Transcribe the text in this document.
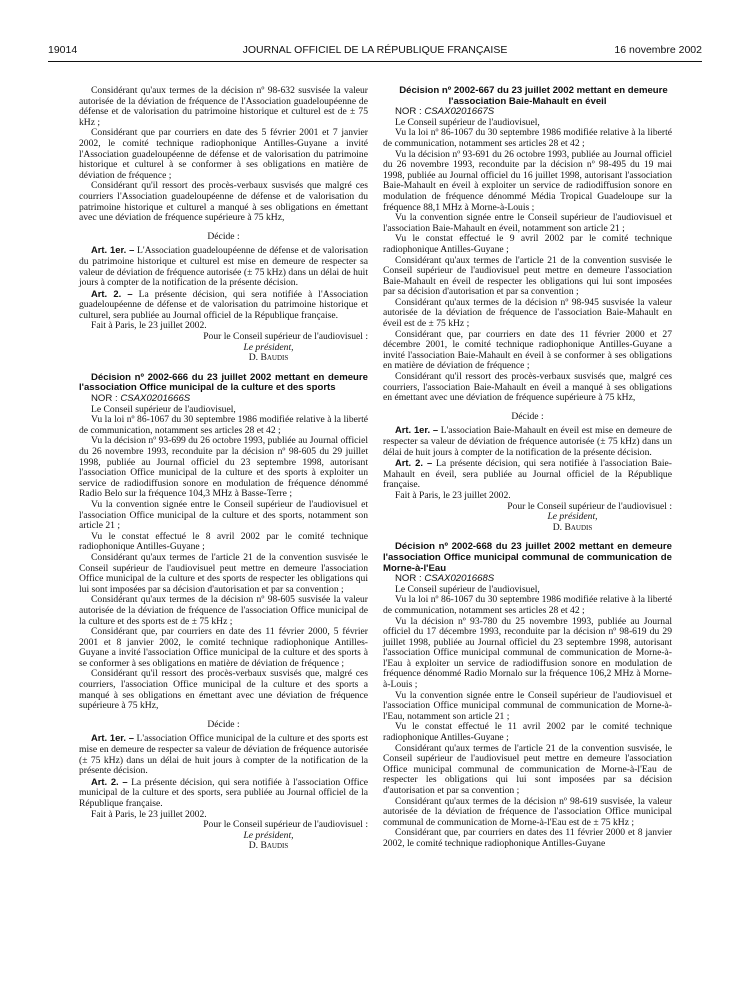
19014	JOURNAL OFFICIEL DE LA RÉPUBLIQUE FRANÇAISE	16 novembre 2002

Considérant qu'aux termes de la décision nº 98-632 susvisée la valeur autorisée de la déviation de fréquence de l'Association guadeloupéenne de défense et de valorisation du patrimoine historique et culturel est de ± 75 kHz ;

Considérant que par courriers en date des 5 février 2001 et 7 janvier 2002, le comité technique radiophonique Antilles-Guyane a invité l'Association guadeloupéenne de défense et de valorisation du patrimoine historique et culturel à se conformer à ses obligations en matière de déviation de fréquence ;

Considérant qu'il ressort des procès-verbaux susvisés que malgré ces courriers l'Association guadeloupéenne de défense et de valorisation du patrimoine historique et culturel a manqué à ses obligations en émettant avec une déviation de fréquence supérieure à 75 kHz,

Décide :

Art. 1er. – L'Association guadeloupéenne de défense et de valorisation du patrimoine historique et culturel est mise en demeure de respecter sa valeur de déviation de fréquence autorisée (± 75 kHz) dans un délai de huit jours à compter de la notification de la présente décision.

Art. 2. – La présente décision, qui sera notifiée à l'Association guadeloupéenne de défense et de valorisation du patrimoine historique et culturel, sera publiée au Journal officiel de la République française.

Fait à Paris, le 23 juillet 2002.

Pour le Conseil supérieur de l'audiovisuel :

Le président,

D. Baudis

Décision nº 2002-666 du 23 juillet 2002 mettant en demeure l'association Office municipal de la culture et des sports

NOR : CSAX0201666S

Le Conseil supérieur de l'audiovisuel,

Vu la loi nº 86-1067 du 30 septembre 1986 modifiée relative à la liberté de communication, notamment ses articles 28 et 42 ;

Vu la décision nº 93-699 du 26 octobre 1993, publiée au Journal officiel du 26 novembre 1993, reconduite par la décision nº 98-605 du 29 juillet 1998, publiée au Journal officiel du 23 septembre 1998, autorisant l'association Office municipal de la culture et des sports à exploiter un service de radiodiffusion sonore en modulation de fréquence dénommé Radio Belo sur la fréquence 104,3 MHz à Basse-Terre ;

Vu la convention signée entre le Conseil supérieur de l'audiovisuel et l'association Office municipal de la culture et des sports, notamment son article 21 ;

Vu le constat effectué le 8 avril 2002 par le comité technique radiophonique Antilles-Guyane ;

Considérant qu'aux termes de l'article 21 de la convention susvisée le Conseil supérieur de l'audiovisuel peut mettre en demeure l'association Office municipal de la culture et des sports de respecter les obligations qui lui sont imposées par sa décision d'autorisation et par sa convention ;

Considérant qu'aux termes de la décision nº 98-605 susvisée la valeur autorisée de la déviation de fréquence de l'association Office municipal de la culture et des sports est de ± 75 kHz ;

Considérant que, par courriers en date des 11 février 2000, 5 février 2001 et 8 janvier 2002, le comité technique radiophonique Antilles-Guyane a invité l'association Office municipal de la culture et des sports à se conformer à ses obligations en matière de déviation de fréquence ;

Considérant qu'il ressort des procès-verbaux susvisés que, malgré ces courriers, l'association Office municipal de la culture et des sports a manqué à ses obligations en émettant avec une déviation de fréquence supérieure à 75 kHz,

Décide :

Art. 1er. – L'association Office municipal de la culture et des sports est mise en demeure de respecter sa valeur de déviation de fréquence autorisée (± 75 kHz) dans un délai de huit jours à compter de la notification de la présente décision.

Art. 2. – La présente décision, qui sera notifiée à l'association Office municipal de la culture et des sports, sera publiée au Journal officiel de la République française.

Fait à Paris, le 23 juillet 2002.

Pour le Conseil supérieur de l'audiovisuel :

Le président,

D. Baudis

Décision nº 2002-667 du 23 juillet 2002 mettant en demeure l'association Baie-Mahault en éveil

NOR : CSAX0201667S

Le Conseil supérieur de l'audiovisuel,

Vu la loi nº 86-1067 du 30 septembre 1986 modifiée relative à la liberté de communication, notamment ses articles 28 et 42 ;

Vu la décision nº 93-691 du 26 octobre 1993, publiée au Journal officiel du 26 novembre 1993, reconduite par la décision nº 98-495 du 19 mai 1998, publiée au Journal officiel du 16 juillet 1998, autorisant l'association Baie-Mahault en éveil à exploiter un service de radiodiffusion sonore en modulation de fréquence dénommé Média Tropical Guadeloupe sur la fréquence 88,1 MHz à Morne-à-Louis ;

Vu la convention signée entre le Conseil supérieur de l'audiovisuel et l'association Baie-Mahault en éveil, notamment son article 21 ;

Vu le constat effectué le 9 avril 2002 par le comité technique radiophonique Antilles-Guyane ;

Considérant qu'aux termes de l'article 21 de la convention susvisée le Conseil supérieur de l'audiovisuel peut mettre en demeure l'association Baie-Mahault en éveil de respecter les obligations qui lui sont imposées par sa décision d'autorisation et par sa convention ;

Considérant qu'aux termes de la décision nº 98-945 susvisée la valeur autorisée de la déviation de fréquence de l'association Baie-Mahault en éveil est de ± 75 kHz ;

Considérant que, par courriers en date des 11 février 2000 et 27 décembre 2001, le comité technique radiophonique Antilles-Guyane a invité l'association Baie-Mahault en éveil à se conformer à ses obligations en matière de déviation de fréquence ;

Considérant qu'il ressort des procès-verbaux susvisés que, malgré ces courriers, l'association Baie-Mahault en éveil a manqué à ses obligations en émettant avec une déviation de fréquence supérieure à 75 kHz,

Décide :

Art. 1er. – L'association Baie-Mahault en éveil est mise en demeure de respecter sa valeur de déviation de fréquence autorisée (± 75 kHz) dans un délai de huit jours à compter de la notification de la présente décision.

Art. 2. – La présente décision, qui sera notifiée à l'association Baie-Mahault en éveil, sera publiée au Journal officiel de la République française.

Fait à Paris, le 23 juillet 2002.

Pour le Conseil supérieur de l'audiovisuel :

Le président,

D. Baudis

Décision nº 2002-668 du 23 juillet 2002 mettant en demeure l'association Office municipal communal de communication de Morne-à-l'Eau

NOR : CSAX0201668S

Le Conseil supérieur de l'audiovisuel,

Vu la loi nº 86-1067 du 30 septembre 1986 modifiée relative à la liberté de communication, notamment ses articles 28 et 42 ;

Vu la décision nº 93-780 du 25 novembre 1993, publiée au Journal officiel du 17 décembre 1993, reconduite par la décision nº 98-619 du 29 juillet 1998, publiée au Journal officiel du 23 septembre 1998, autorisant l'association Office municipal communal de communication de Morne-à-l'Eau à exploiter un service de radiodiffusion sonore en modulation de fréquence dénommé Radio Mornalo sur la fréquence 106,2 MHz à Morne-à-Louis ;

Vu la convention signée entre le Conseil supérieur de l'audiovisuel et l'association Office municipal communal de communication de Morne-à-l'Eau, notamment son article 21 ;

Vu le constat effectué le 11 avril 2002 par le comité technique radiophonique Antilles-Guyane ;

Considérant qu'aux termes de l'article 21 de la convention susvisée, le Conseil supérieur de l'audiovisuel peut mettre en demeure l'association Office municipal communal de communication de Morne-à-l'Eau de respecter les obligations qui lui sont imposées par sa décision d'autorisation et par sa convention ;

Considérant qu'aux termes de la décision nº 98-619 susvisée, la valeur autorisée de la déviation de fréquence de l'association Office municipal communal de communication de Morne-à-l'Eau est de ± 75 kHz ;

Considérant que, par courriers en dates des 11 février 2000 et 8 janvier 2002, le comité technique radiophonique Antilles-Guyane
